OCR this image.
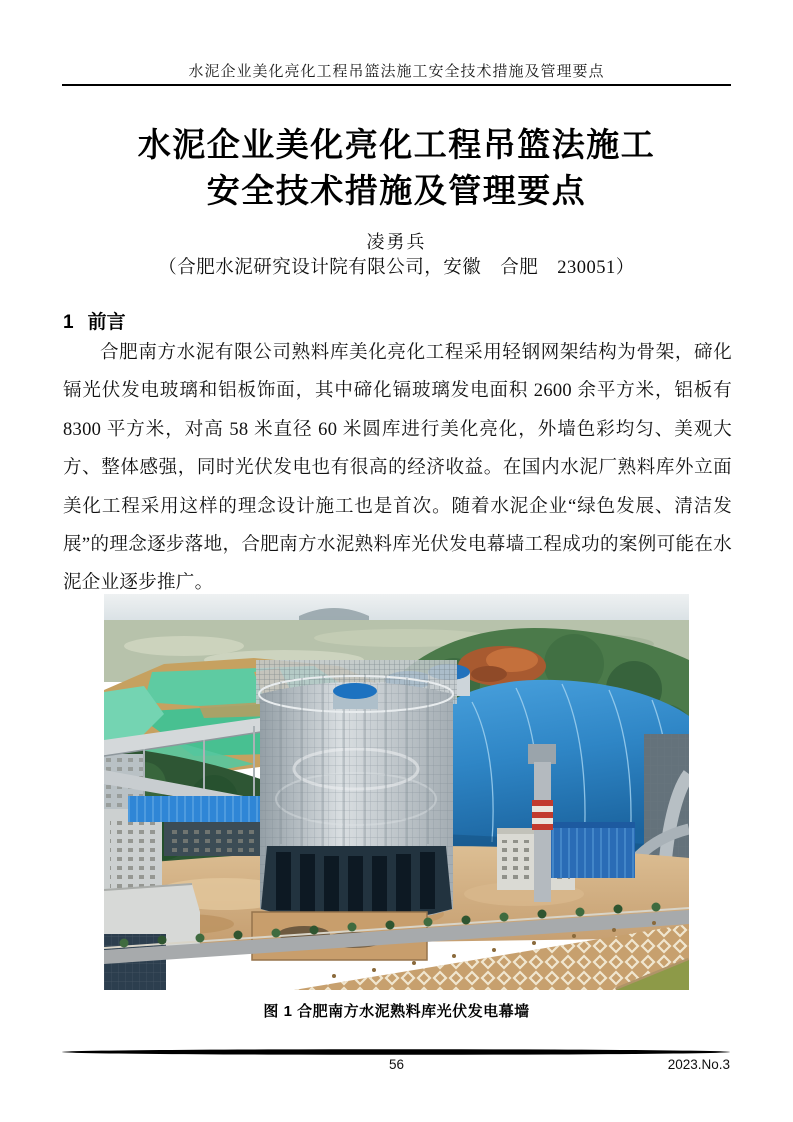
水泥企业美化亮化工程吊篮法施工安全技术措施及管理要点
水泥企业美化亮化工程吊篮法施工
安全技术措施及管理要点
凌勇兵
（合肥水泥研究设计院有限公司，安徽　合肥　230051）
1 前言
合肥南方水泥有限公司熟料库美化亮化工程采用轻钢网架结构为骨架，碲化镉光伏发电玻璃和铝板饰面，其中碲化镉玻璃发电面积 2600 余平方米，铝板有 8300 平方米，对高 58 米直径 60 米圆库进行美化亮化，外墙色彩均匀、美观大方、整体感强，同时光伏发电也有很高的经济收益。在国内水泥厂熟料库外立面美化工程采用这样的理念设计施工也是首次。随着水泥企业“绿色发展、清洁发展”的理念逐步落地，合肥南方水泥熟料库光伏发电幕墙工程成功的案例可能在水泥企业逐步推广。
图 1 合肥南方水泥熟料库光伏发电幕墙
56	2023.No.3
